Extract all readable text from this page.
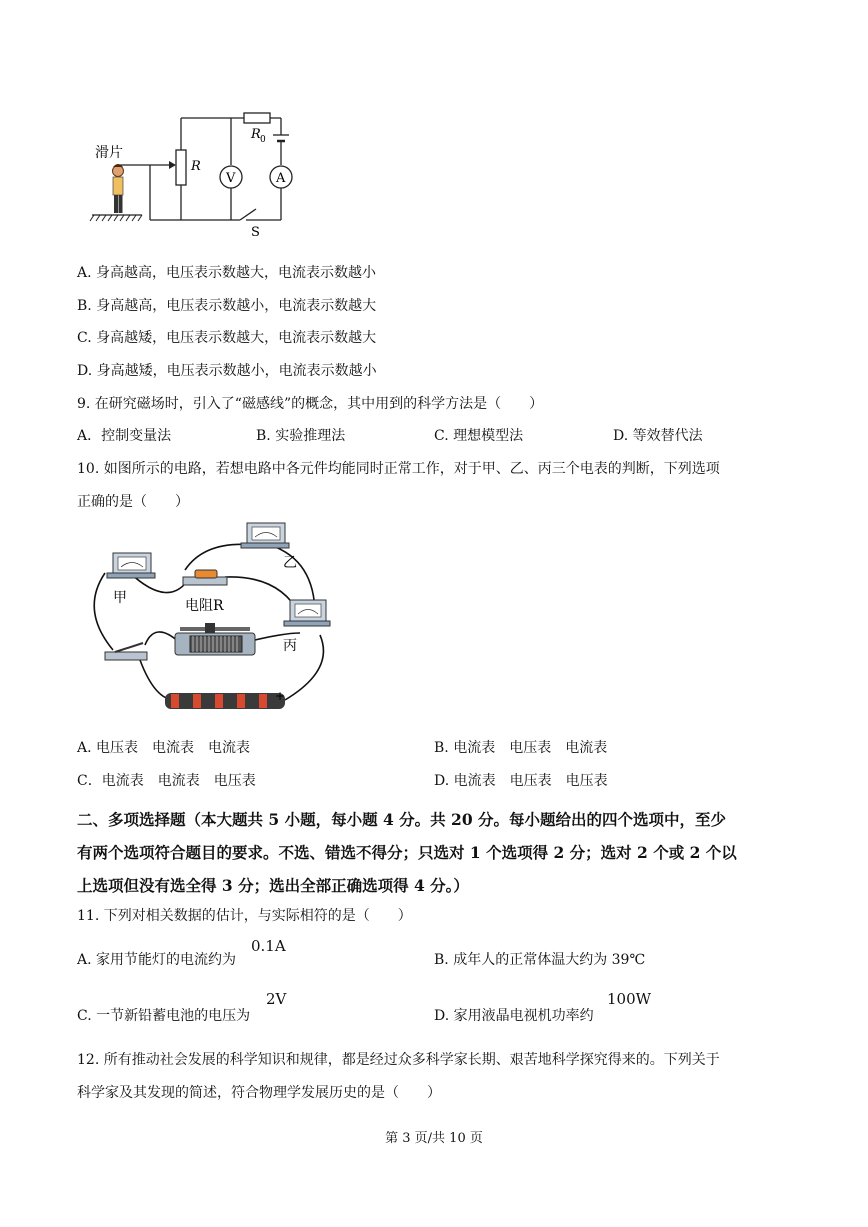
滑片
R
R 0
V	A
S
A. 身高越高，电压表示数越大，电流表示数越小
B. 身高越高，电压表示数越小，电流表示数越大
C. 身高越矮，电压表示数越大，电流表示数越大
D. 身高越矮，电压表示数越小，电流表示数越小
9. 在研究磁场时，引入了“磁感线”的概念，其中用到的科学方法是（　　）
A．控制变量法	B. 实验推理法	C. 理想模型法	D. 等效替代法
10. 如图所示的电路，若想电路中各元件均能同时正常工作，对于甲、乙、丙三个电表的判断，下列选项
正确的是（　　）
甲
乙
丙
电阻R
+
A. 电压表　电流表　电流表	B. 电流表　电压表　电流表
C．电流表　电流表　电压表	D. 电流表　电压表　电压表
二、多项选择题（本大题共 5 小题，每小题 4 分。共 20 分。每小题给出的四个选项中，至少
有两个选项符合题目的要求。不选、错选不得分；只选对 1 个选项得 2 分；选对 2 个或 2 个以
上选项但没有选全得 3 分；选出全部正确选项得 4 分。）
11. 下列对相关数据的估计，与实际相符的是（　　）
A. 家用节能灯的电流约为
0.1A
B. 成年人的正常体温大约为 39℃
C. 一节新铅蓄电池的电压为
2V
D. 家用液晶电视机功率约
100W
12. 所有推动社会发展的科学知识和规律，都是经过众多科学家长期、艰苦地科学探究得来的。下列关于
科学家及其发现的简述，符合物理学发展历史的是（　　）
第 3 页/共 10 页
